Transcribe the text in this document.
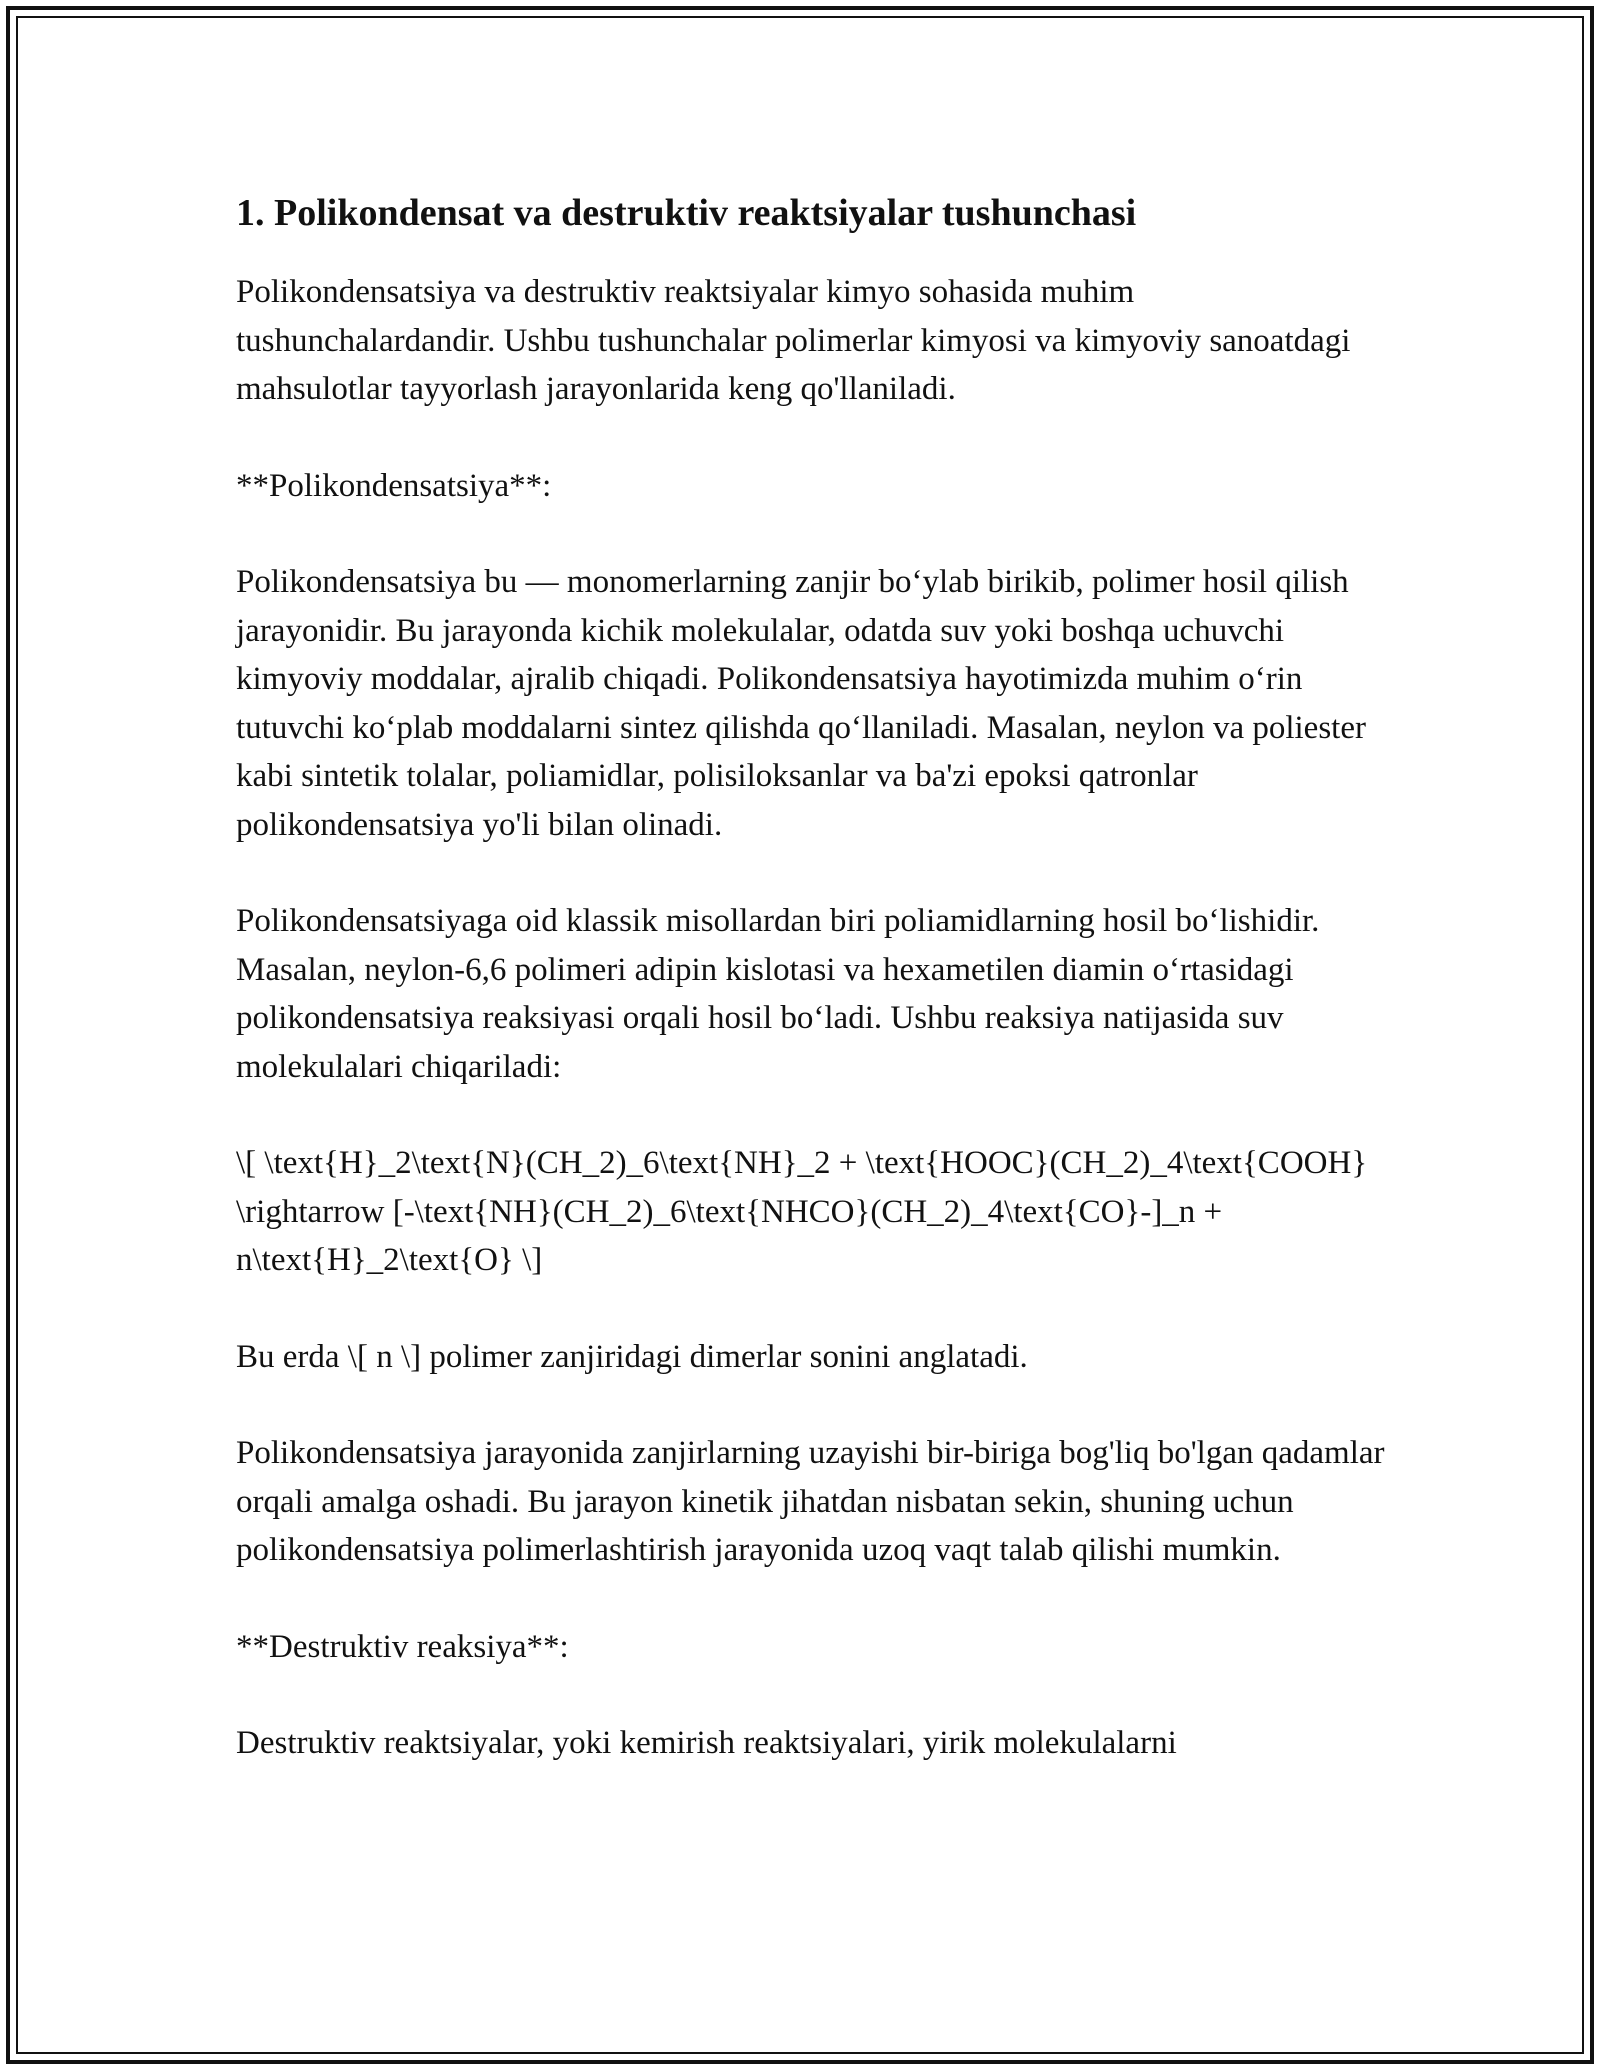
1. Polikondensat va destruktiv reaktsiyalar tushunchasi

Polikondensatsiya va destruktiv reaktsiyalar kimyo sohasida muhim tushunchalardandir. Ushbu tushunchalar polimerlar kimyosi va kimyoviy sanoatdagi mahsulotlar tayyorlash jarayonlarida keng qo'llaniladi.

**Polikondensatsiya**:

Polikondensatsiya bu — monomerlarning zanjir bo‘ylab birikib, polimer hosil qilish jarayonidir. Bu jarayonda kichik molekulalar, odatda suv yoki boshqa uchuvchi kimyoviy moddalar, ajralib chiqadi. Polikondensatsiya hayotimizda muhim o‘rin tutuvchi ko‘plab moddalarni sintez qilishda qo‘llaniladi. Masalan, neylon va poliester kabi sintetik tolalar, poliamidlar, polisiloksanlar va ba'zi epoksi qatronlar polikondensatsiya yo'li bilan olinadi.

Polikondensatsiyaga oid klassik misollardan biri poliamidlarning hosil bo‘lishidir. Masalan, neylon-6,6 polimeri adipin kislotasi va hexametilen diamin o‘rtasidagi polikondensatsiya reaksiyasi orqali hosil bo‘ladi. Ushbu reaksiya natijasida suv molekulalari chiqariladi:

\[ \text{H}_2\text{N}(CH_2)_6\text{NH}_2 + \text{HOOC}(CH_2)_4\text{COOH} \rightarrow [-\text{NH}(CH_2)_6\text{NHCO}(CH_2)_4\text{CO}-]_n + n\text{H}_2\text{O} \]

Bu erda \[ n \] polimer zanjiridagi dimerlar sonini anglatadi.

Polikondensatsiya jarayonida zanjirlarning uzayishi bir-biriga bog'liq bo'lgan qadamlar orqali amalga oshadi. Bu jarayon kinetik jihatdan nisbatan sekin, shuning uchun polikondensatsiya polimerlashtirish jarayonida uzoq vaqt talab qilishi mumkin.

**Destruktiv reaksiya**:

Destruktiv reaktsiyalar, yoki kemirish reaktsiyalari, yirik molekulalarni
